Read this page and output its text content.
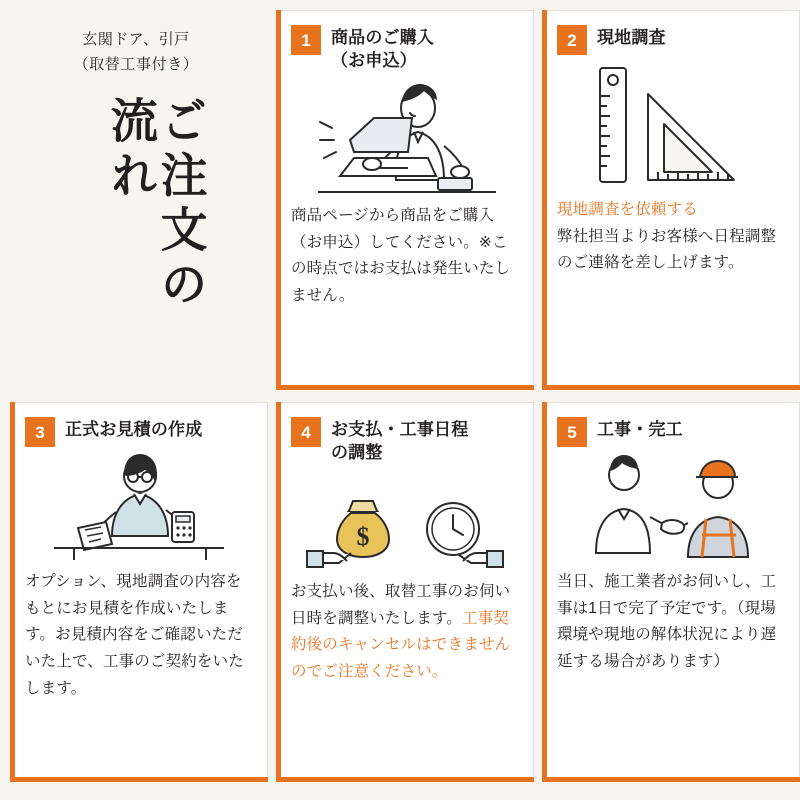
玄関ドア、引戸
（取替工事付き）
ご注文の流れ
1	商品のご購入
（お申込）
商品ページから商品をご購入（お申込）してください。※この時点ではお支払は発生いたしません。
2	現地調査

現地調査を依頼する

弊社担当よりお客様へ日程調整のご連絡を差し上げます。

3	正式お見積の作成
オプション、現地調査の内容をもとにお見積を作成いたします。お見積内容をご確認いただいた上で、工事のご契約をいたします。
4	お支払・工事日程
の調整
$
お支払い後、取替工事のお伺い日時を調整いたします。工事契約後のキャンセルはできませんのでご注意ください。
5	工事・完工
当日、施工業者がお伺いし、工事は1日で完了予定です。（現場環境や現地の解体状況により遅延する場合があります）
